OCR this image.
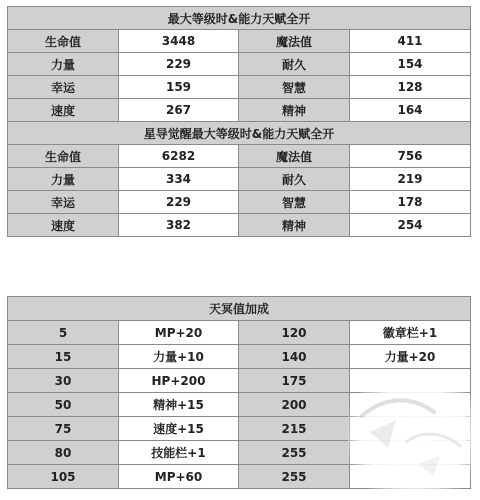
最大等级时&能力天赋全开			
生命值	3448	魔法值	411
力量	229	耐久	154
幸运	159	智慧	128
速度	267	精神	164
星导觉醒最大等级时&能力天赋全开			
生命值	6282	魔法值	756
力量	334	耐久	219
幸运	229	智慧	178
速度	382	精神	254
天冥值加成			
5	MP+20	120	徽章栏+1
15	力量+10	140	力量+20
30	HP+200	175	
50	精神+15	200	
75	速度+15	215	
80	技能栏+1	255	
105	MP+60	255	
